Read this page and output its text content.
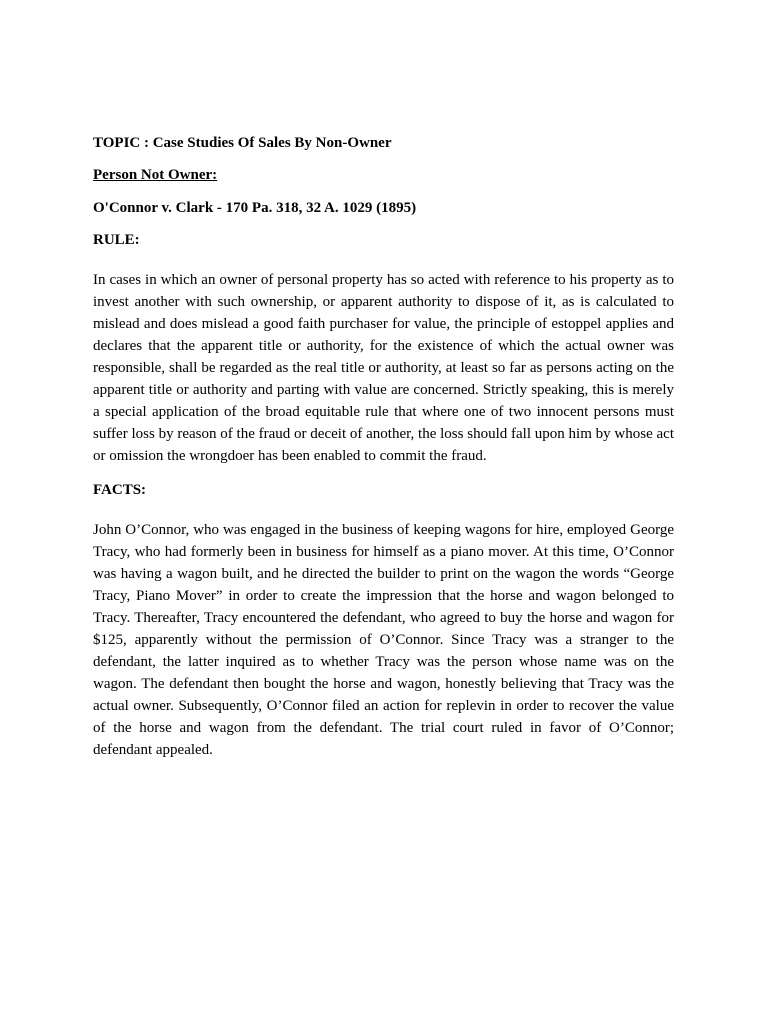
TOPIC : Case Studies Of Sales By Non-Owner

Person Not Owner:

O'Connor v. Clark - 170 Pa. 318, 32 A. 1029 (1895)

RULE:

In cases in which an owner of personal property has so acted with reference to his property as to invest another with such ownership, or apparent authority to dispose of it, as is calculated to mislead and does mislead a good faith purchaser for value, the principle of estoppel applies and declares that the apparent title or authority, for the existence of which the actual owner was responsible, shall be regarded as the real title or authority, at least so far as persons acting on the apparent title or authority and parting with value are concerned. Strictly speaking, this is merely a special application of the broad equitable rule that where one of two innocent persons must suffer loss by reason of the fraud or deceit of another, the loss should fall upon him by whose act or omission the wrongdoer has been enabled to commit the fraud.

FACTS:

John O’Connor, who was engaged in the business of keeping wagons for hire, employed George Tracy, who had formerly been in business for himself as a piano mover. At this time, O’Connor was having a wagon built, and he directed the builder to print on the wagon the words “George Tracy, Piano Mover” in order to create the impression that the horse and wagon belonged to Tracy. Thereafter, Tracy encountered the defendant, who agreed to buy the horse and wagon for $125, apparently without the permission of O’Connor. Since Tracy was a stranger to the defendant, the latter inquired as to whether Tracy was the person whose name was on the wagon. The defendant then bought the horse and wagon, honestly believing that Tracy was the actual owner. Subsequently, O’Connor filed an action for replevin in order to recover the value of the horse and wagon from the defendant. The trial court ruled in favor of O’Connor; defendant appealed.
